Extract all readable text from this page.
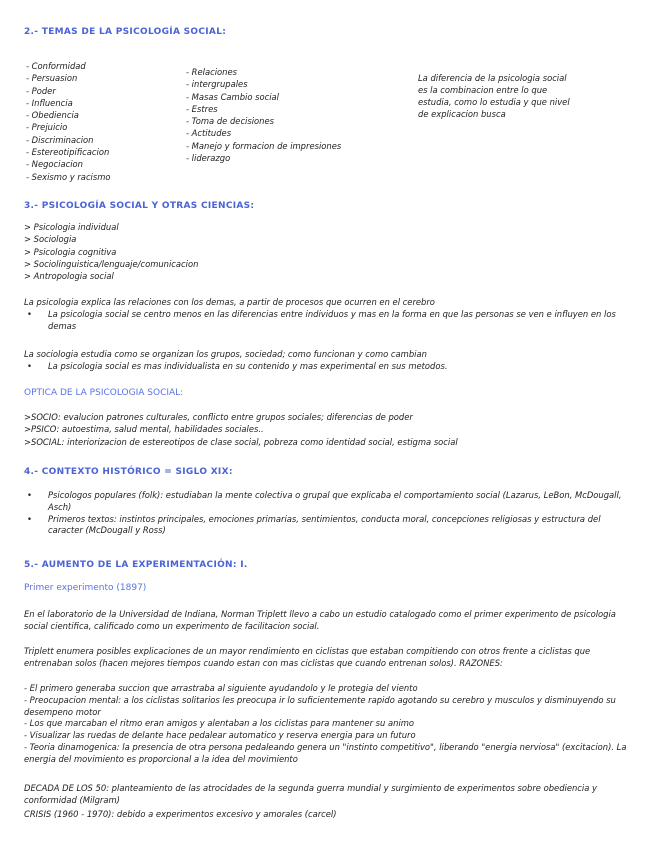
2.- TEMAS DE LA PSICOLOGÍA SOCIAL:
- Conformidad
- Persuasion
- Poder
- Influencia
- Obediencia
- Prejuicio
- Discriminacion
- Estereotipificacion
- Negociacion
- Sexismo y racismo
- Relaciones
- intergrupales
- Masas Cambio social
- Estres
- Toma de decisiones
- Actitudes
- Manejo y formacion de impresiones
- liderazgo
La diferencia de la psicologia social es la combinacion entre lo que estudia, como lo estudia y que nivel de explicacion busca
3.- PSICOLOGÍA SOCIAL Y OTRAS CIENCIAS:
> Psicologia individual
> Sociologia
> Psicologia cognitiva
> Sociolinguistica/lenguaje/comunicacion
> Antropologia social
La psicologia explica las relaciones con los demas, a partir de procesos que ocurren en el cerebro
• La psicologia social se centro menos en las diferencias entre individuos y mas en la forma en que las personas se ven e influyen en los demas
La sociologia estudia como se organizan los grupos, sociedad; como funcionan y como cambian
• La psicologia social es mas individualista en su contenido y mas experimental en sus metodos.
OPTICA DE LA PSICOLOGIA SOCIAL:
>SOCIO: evalucion patrones culturales, conflicto entre grupos sociales; diferencias de poder
>PSICO: autoestima, salud mental, habilidades sociales..
>SOCIAL: interiorizacion de estereotipos de clase social, pobreza como identidad social, estigma social
4.- CONTEXTO HISTÓRICO = SIGLO XIX:
• Psicologos populares (folk): estudiaban la mente colectiva o grupal que explicaba el comportamiento social (Lazarus, LeBon, McDougall, Asch)
• Primeros textos: instintos principales, emociones primarias, sentimientos, conducta moral, concepciones religiosas y estructura del caracter (McDougall y Ross)
5.- AUMENTO DE LA EXPERIMENTACIÓN: I.
Primer experimento (1897)
En el laboratorio de la Universidad de Indiana, Norman Triplett llevo a cabo un estudio catalogado como el primer experimento de psicologia social cientifica, calificado como un experimento de facilitacion social.
Triplett enumera posibles explicaciones de un mayor rendimiento en ciclistas que estaban compitiendo con otros frente a ciclistas que entrenaban solos (hacen mejores tiempos cuando estan con mas ciclistas que cuando entrenan solos). RAZONES:
- El primero generaba succion que arrastraba al siguiente ayudandolo y le protegia del viento
- Preocupacion mental: a los ciclistas solitarios les preocupa ir lo suficientemente rapido agotando su cerebro y musculos y disminuyendo su desempeno motor
- Los que marcaban el ritmo eran amigos y alentaban a los ciclistas para mantener su animo
- Visualizar las ruedas de delante hace pedalear automatico y reserva energia para un futuro
- Teoria dinamogenica: la presencia de otra persona pedaleando genera un "instinto competitivo", liberando "energia nerviosa" (excitacion). La energia del movimiento es proporcional a la idea del movimiento
DECADA DE LOS 50: planteamiento de las atrocidades de la segunda guerra mundial y surgimiento de experimentos sobre obediencia y conformidad (Milgram)
CRISIS (1960 - 1970): debido a experimentos excesivo y amorales (carcel)
